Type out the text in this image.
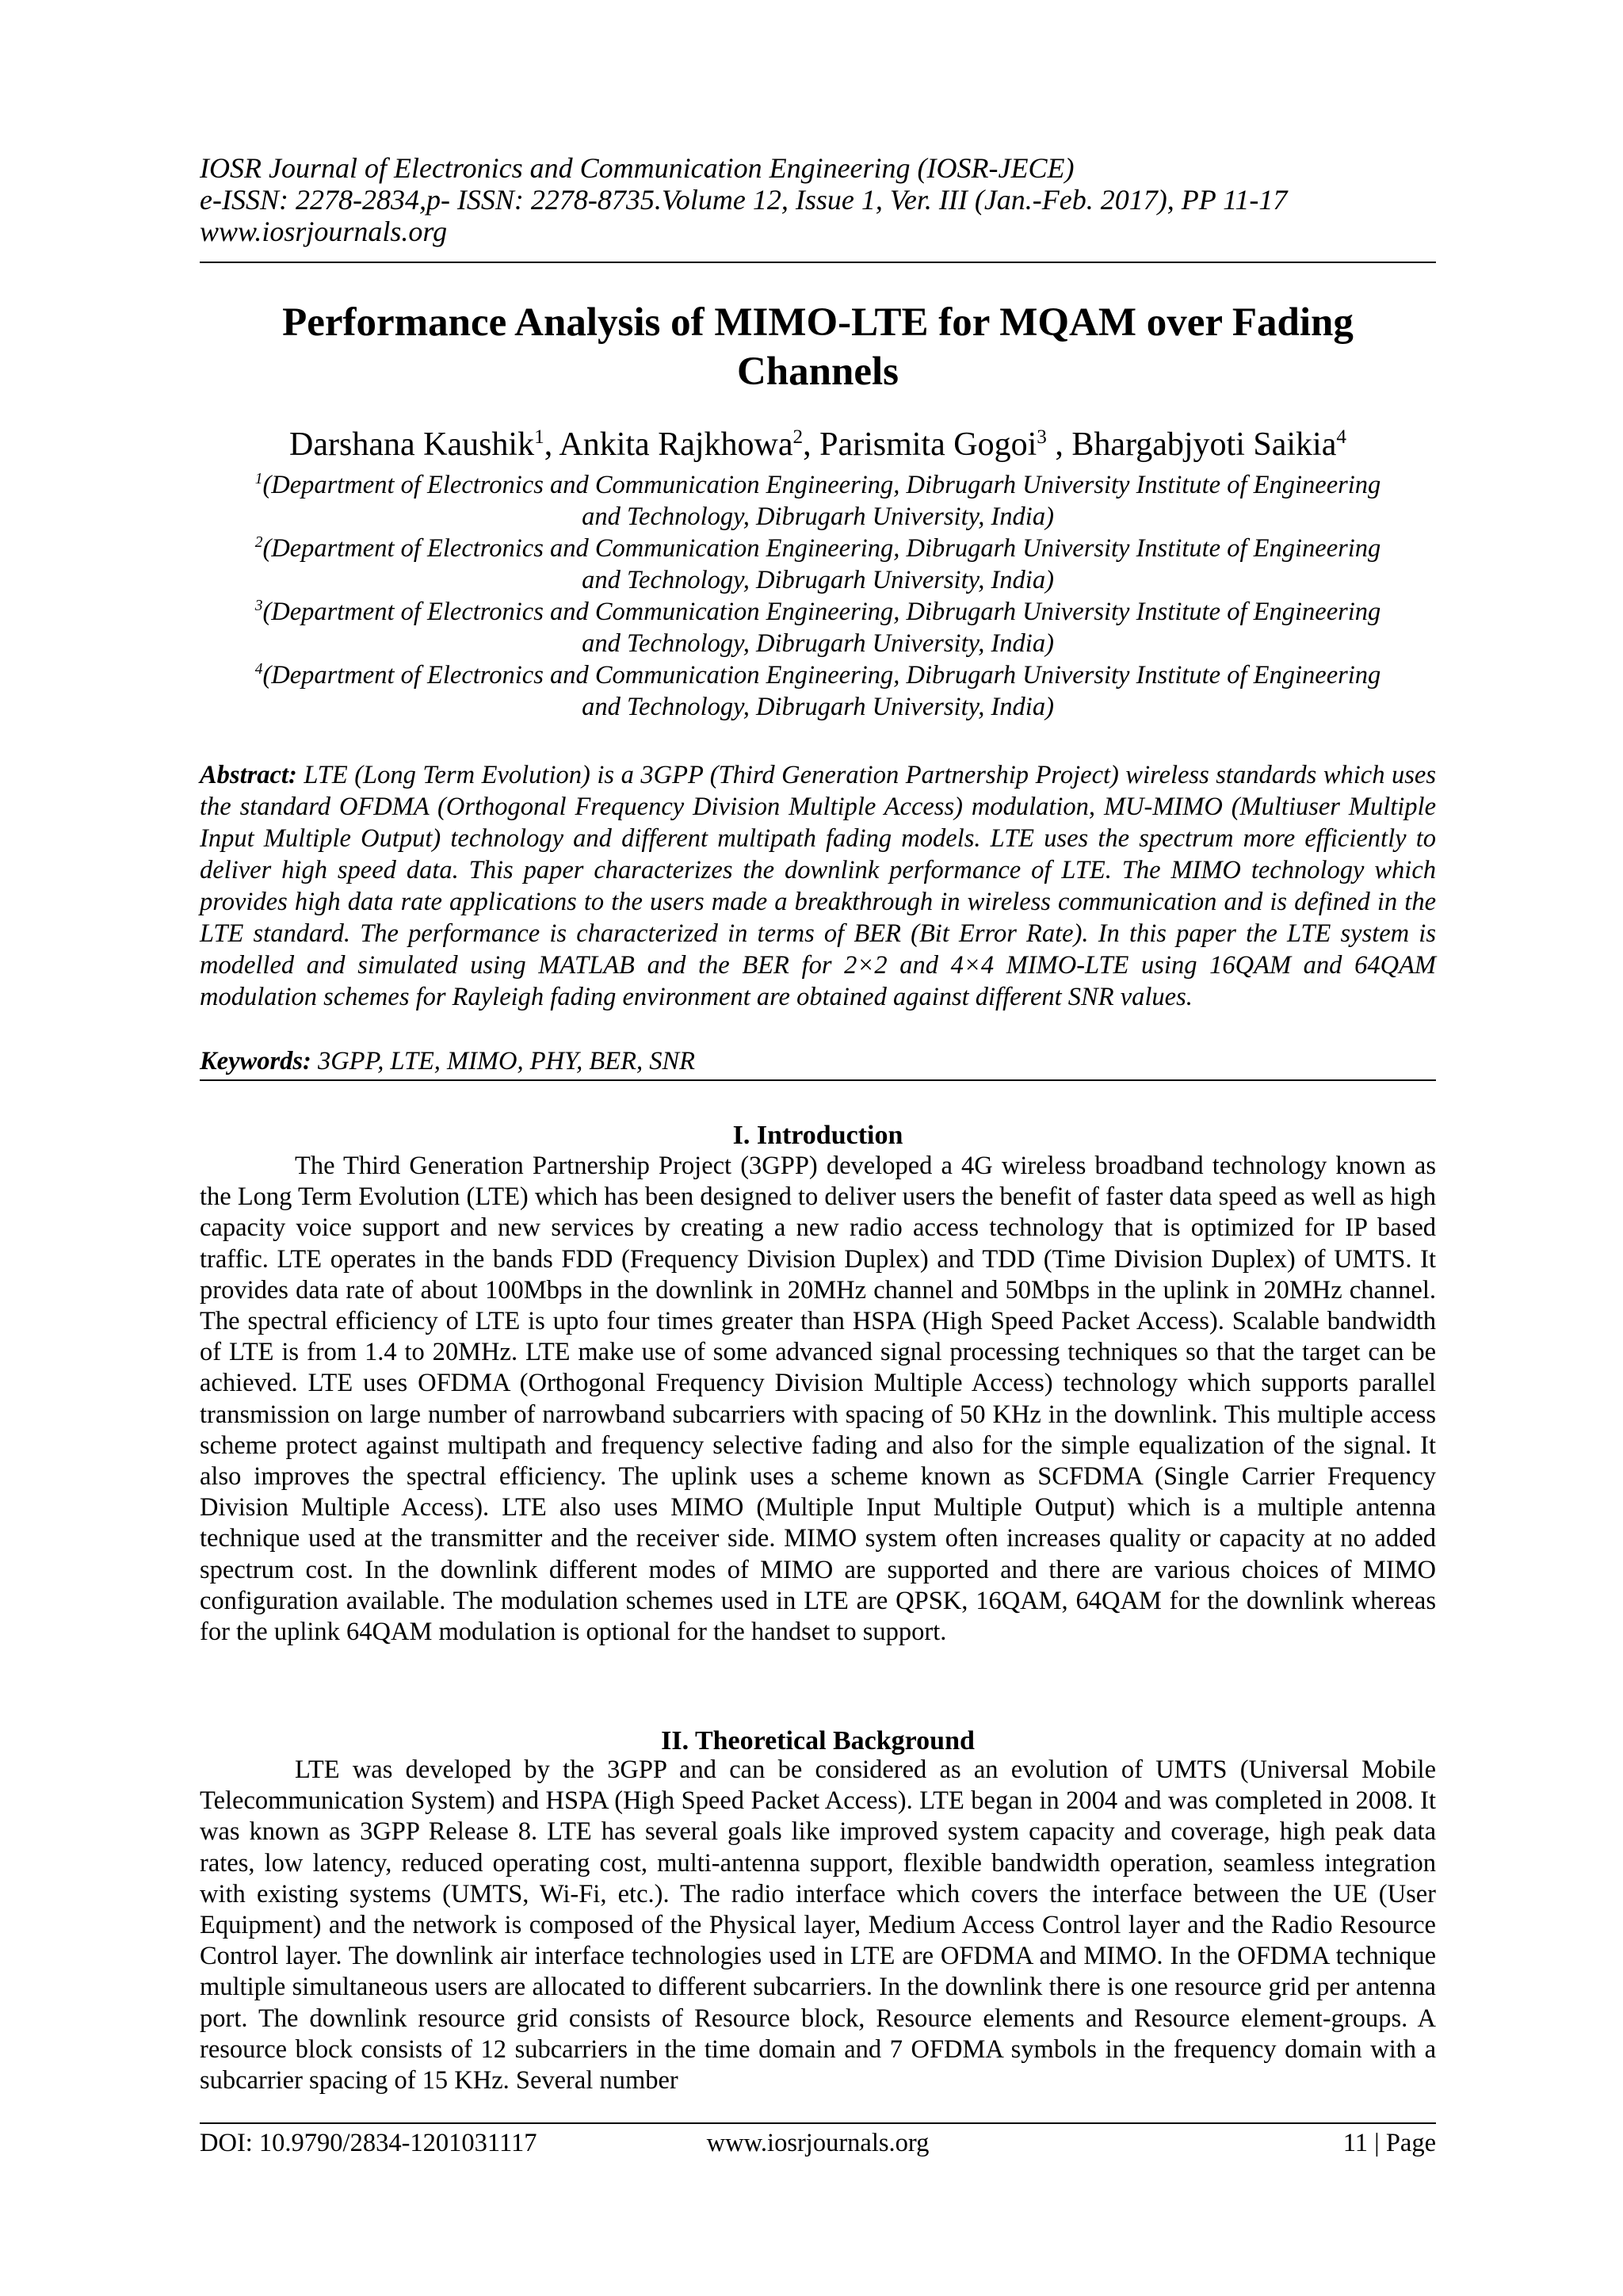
IOSR Journal of Electronics and Communication Engineering (IOSR-JECE)
e-ISSN: 2278-2834,p- ISSN: 2278-8735.Volume 12, Issue 1, Ver. III (Jan.-Feb. 2017), PP 11-17
www.iosrjournals.org
Performance Analysis of MIMO-LTE for MQAM over Fading
Channels
Darshana Kaushik$^1$, Ankita Rajkhowa$^2$, Parismita Gogoi$^3$ , Bhargabjyoti Saikia$^4$
$^1$(Department of Electronics and Communication Engineering, Dibrugarh University Institute of Engineering
and Technology, Dibrugarh University, India)
$^2$(Department of Electronics and Communication Engineering, Dibrugarh University Institute of Engineering
and Technology, Dibrugarh University, India)
$^3$(Department of Electronics and Communication Engineering, Dibrugarh University Institute of Engineering
and Technology, Dibrugarh University, India)
$^4$(Department of Electronics and Communication Engineering, Dibrugarh University Institute of Engineering
and Technology, Dibrugarh University, India)
Abstract: LTE (Long Term Evolution) is a 3GPP (Third Generation Partnership Project) wireless standards which uses the standard OFDMA (Orthogonal Frequency Division Multiple Access) modulation, MU-MIMO (Multiuser Multiple Input Multiple Output) technology and different multipath fading models. LTE uses the spectrum more efficiently to deliver high speed data. This paper characterizes the downlink performance of LTE. The MIMO technology which provides high data rate applications to the users made a breakthrough in wireless communication and is defined in the LTE standard. The performance is characterized in terms of BER (Bit Error Rate). In this paper the LTE system is modelled and simulated using MATLAB and the BER for 2×2 and 4×4 MIMO-LTE using 16QAM and 64QAM modulation schemes for Rayleigh fading environment are obtained against different SNR values.
Keywords: 3GPP, LTE, MIMO, PHY, BER, SNR
I. Introduction

The Third Generation Partnership Project (3GPP) developed a 4G wireless broadband technology known as the Long Term Evolution (LTE) which has been designed to deliver users the benefit of faster data speed as well as high capacity voice support and new services by creating a new radio access technology that is optimized for IP based traffic. LTE operates in the bands FDD (Frequency Division Duplex) and TDD (Time Division Duplex) of UMTS. It provides data rate of about 100Mbps in the downlink in 20MHz channel and 50Mbps in the uplink in 20MHz channel. The spectral efficiency of LTE is upto four times greater than HSPA (High Speed Packet Access). Scalable bandwidth of LTE is from 1.4 to 20MHz. LTE make use of some advanced signal processing techniques so that the target can be achieved. LTE uses OFDMA (Orthogonal Frequency Division Multiple Access) technology which supports parallel transmission on large number of narrowband subcarriers with spacing of 50 KHz in the downlink. This multiple access scheme protect against multipath and frequency selective fading and also for the simple equalization of the signal. It also improves the spectral efficiency. The uplink uses a scheme known as SCFDMA (Single Carrier Frequency Division Multiple Access). LTE also uses MIMO (Multiple Input Multiple Output) which is a multiple antenna technique used at the transmitter and the receiver side. MIMO system often increases quality or capacity at no added spectrum cost. In the downlink different modes of MIMO are supported and there are various choices of MIMO configuration available. The modulation schemes used in LTE are QPSK, 16QAM, 64QAM for the downlink whereas for the uplink 64QAM modulation is optional for the handset to support.

II. Theoretical Background

LTE was developed by the 3GPP and can be considered as an evolution of UMTS (Universal Mobile Telecommunication System) and HSPA (High Speed Packet Access). LTE began in 2004 and was completed in 2008. It was known as 3GPP Release 8. LTE has several goals like improved system capacity and coverage, high peak data rates, low latency, reduced operating cost, multi-antenna support, flexible bandwidth operation, seamless integration with existing systems (UMTS, Wi-Fi, etc.). The radio interface which covers the interface between the UE (User Equipment) and the network is composed of the Physical layer, Medium Access Control layer and the Radio Resource Control layer. The downlink air interface technologies used in LTE are OFDMA and MIMO. In the OFDMA technique multiple simultaneous users are allocated to different subcarriers. In the downlink there is one resource grid per antenna port. The downlink resource grid consists of Resource block, Resource elements and Resource element-groups. A resource block consists of 12 subcarriers in the time domain and 7 OFDMA symbols in the frequency domain with a subcarrier spacing of 15 KHz. Several number

DOI: 10.9790/2834-1201031117	www.iosrjournals.org	11 | Page
